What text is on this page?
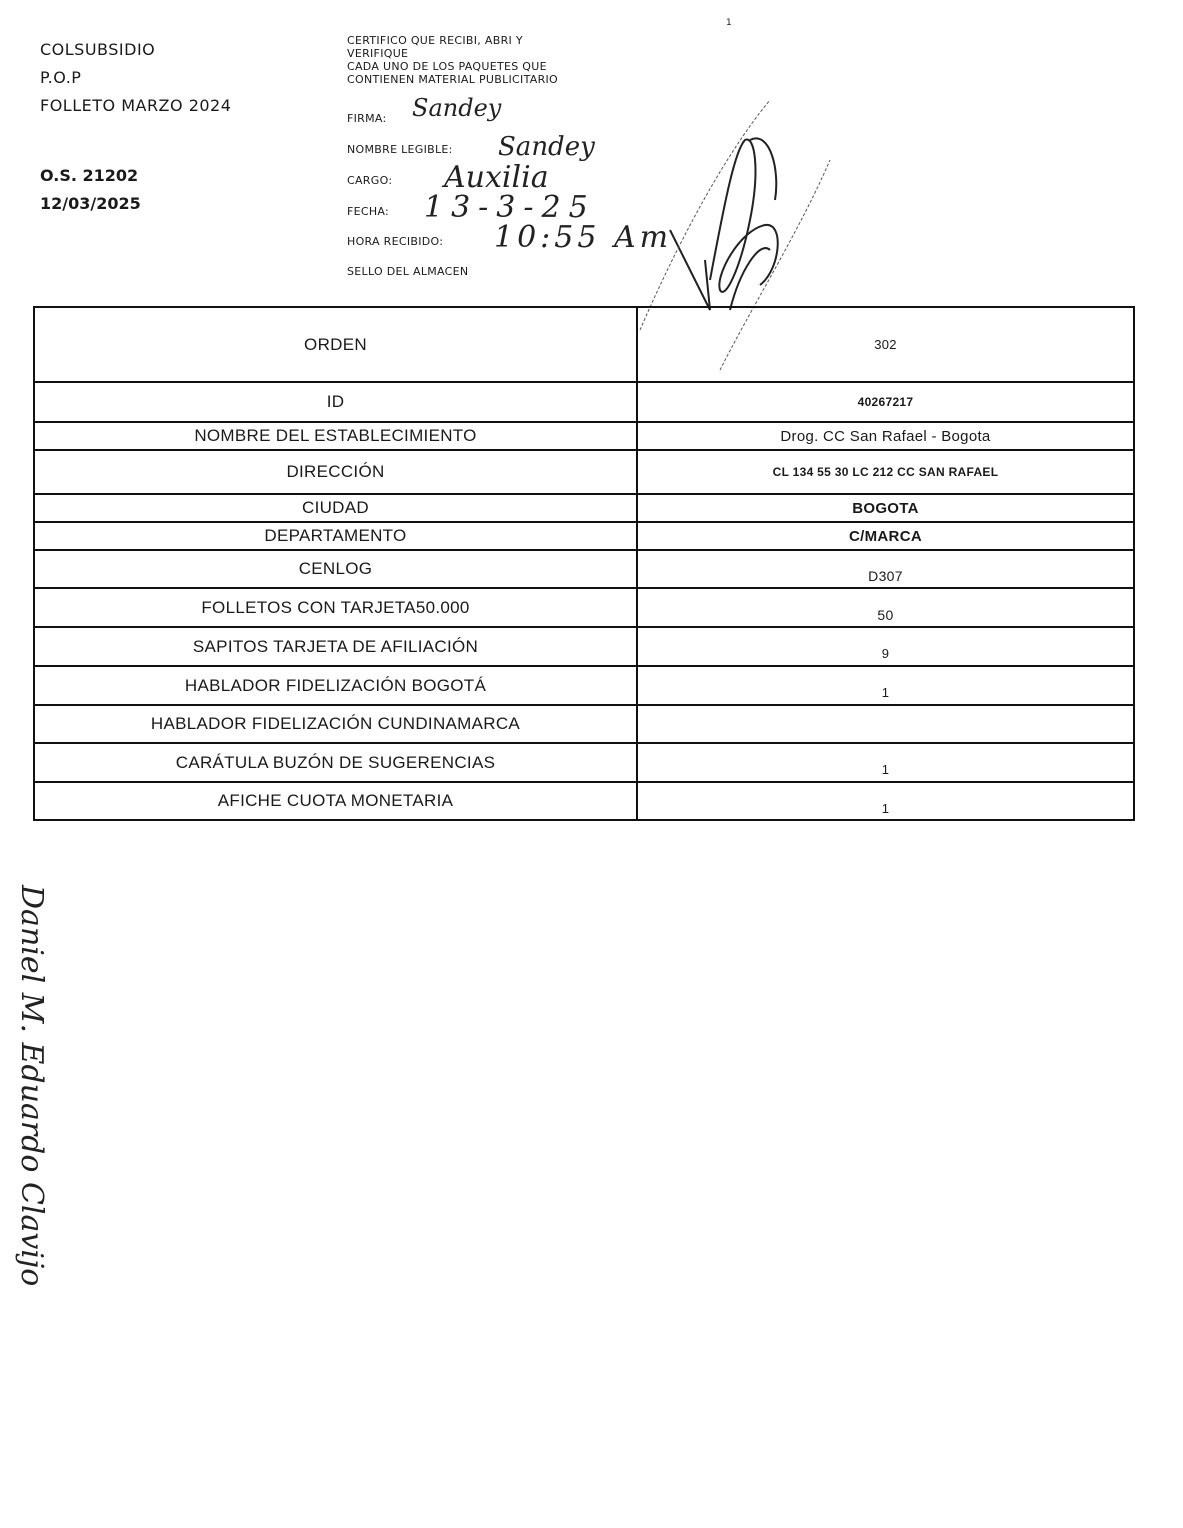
COLSUBSIDIO
P.O.P
FOLLETO MARZO 2024
O.S. 21202
12/03/2025
1
CERTIFICO QUE RECIBI, ABRI Y
VERIFIQUE
CADA UNO DE LOS PAQUETES QUE
CONTIENEN MATERIAL PUBLICITARIO
FIRMA: Sandey
NOMBRE LEGIBLE: Sandey
CARGO: Auxilia
FECHA: 13-3-25
HORA RECIBIDO: 10:55 Am
SELLO DEL ALMACEN
ORDEN	302
ID	40267217
NOMBRE DEL ESTABLECIMIENTO	Drog. CC San Rafael - Bogota
DIRECCIÓN	CL 134 55 30 LC 212 CC SAN RAFAEL
CIUDAD	BOGOTA
DEPARTAMENTO	C/MARCA
CENLOG	D307
FOLLETOS CON TARJETA50.000	50
SAPITOS TARJETA DE AFILIACIÓN	9
HABLADOR FIDELIZACIÓN BOGOTÁ	1
HABLADOR FIDELIZACIÓN CUNDINAMARCA	
CARÁTULA BUZÓN DE SUGERENCIAS	1
AFICHE CUOTA MONETARIA	1
Daniel M. Eduardo Clavijo
